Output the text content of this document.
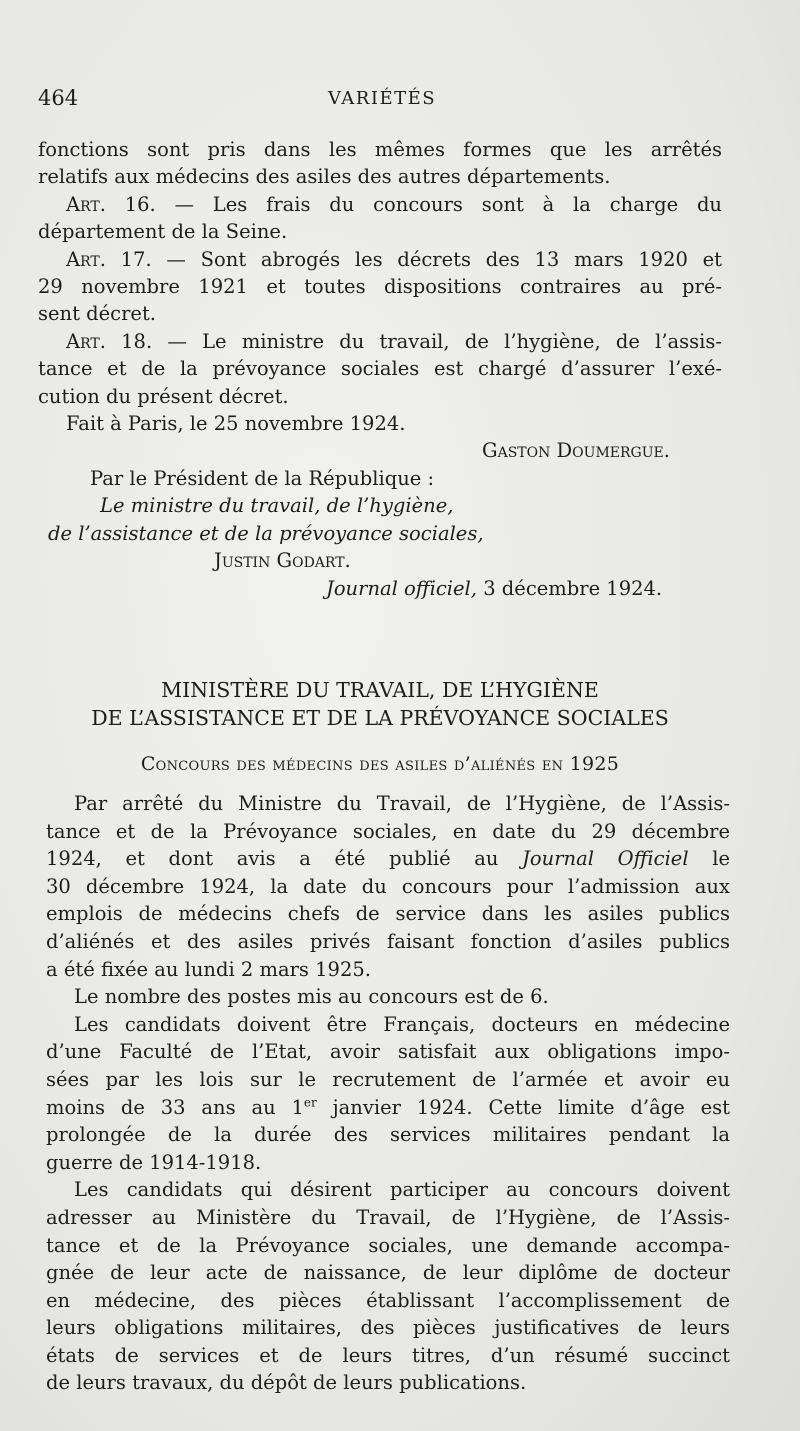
464	VARIÉTÉS
fonctions sont pris dans les mêmes formes que les arrêtés
relatifs aux médecins des asiles des autres départements.
Art. 16. — Les frais du concours sont à la charge du
département de la Seine.
Art. 17. — Sont abrogés les décrets des 13 mars 1920 et
29 novembre 1921 et toutes dispositions contraires au pré-
sent décret.
Art. 18. — Le ministre du travail, de l’hygiène, de l’assis-
tance et de la prévoyance sociales est chargé d’assurer l’exé-
cution du présent décret.
Fait à Paris, le 25 novembre 1924.
Gaston Doumergue.
Par le Président de la République :
Le ministre du travail, de l’hygiène,
de l’assistance et de la prévoyance sociales,
Justin Godart.
Journal officiel, 3 décembre 1924.
MINISTÈRE DU TRAVAIL, DE L’HYGIÈNE
DE L’ASSISTANCE ET DE LA PRÉVOYANCE SOCIALES
Concours des médecins des asiles d’aliénés en 1925
Par arrêté du Ministre du Travail, de l’Hygiène, de l’Assis-
tance et de la Prévoyance sociales, en date du 29 décembre
1924, et dont avis a été publié au Journal Officiel le
30 décembre 1924, la date du concours pour l’admission aux
emplois de médecins chefs de service dans les asiles publics
d’aliénés et des asiles privés faisant fonction d’asiles publics
a été fixée au lundi 2 mars 1925.
Le nombre des postes mis au concours est de 6.
Les candidats doivent être Français, docteurs en médecine
d’une Faculté de l’Etat, avoir satisfait aux obligations impo-
sées par les lois sur le recrutement de l’armée et avoir eu
moins de 33 ans au 1er janvier 1924. Cette limite d’âge est
prolongée de la durée des services militaires pendant la
guerre de 1914-1918.
Les candidats qui désirent participer au concours doivent
adresser au Ministère du Travail, de l’Hygiène, de l’Assis-
tance et de la Prévoyance sociales, une demande accompa-
gnée de leur acte de naissance, de leur diplôme de docteur
en médecine, des pièces établissant l’accomplissement de
leurs obligations militaires, des pièces justificatives de leurs
états de services et de leurs titres, d’un résumé succinct
de leurs travaux, du dépôt de leurs publications.
